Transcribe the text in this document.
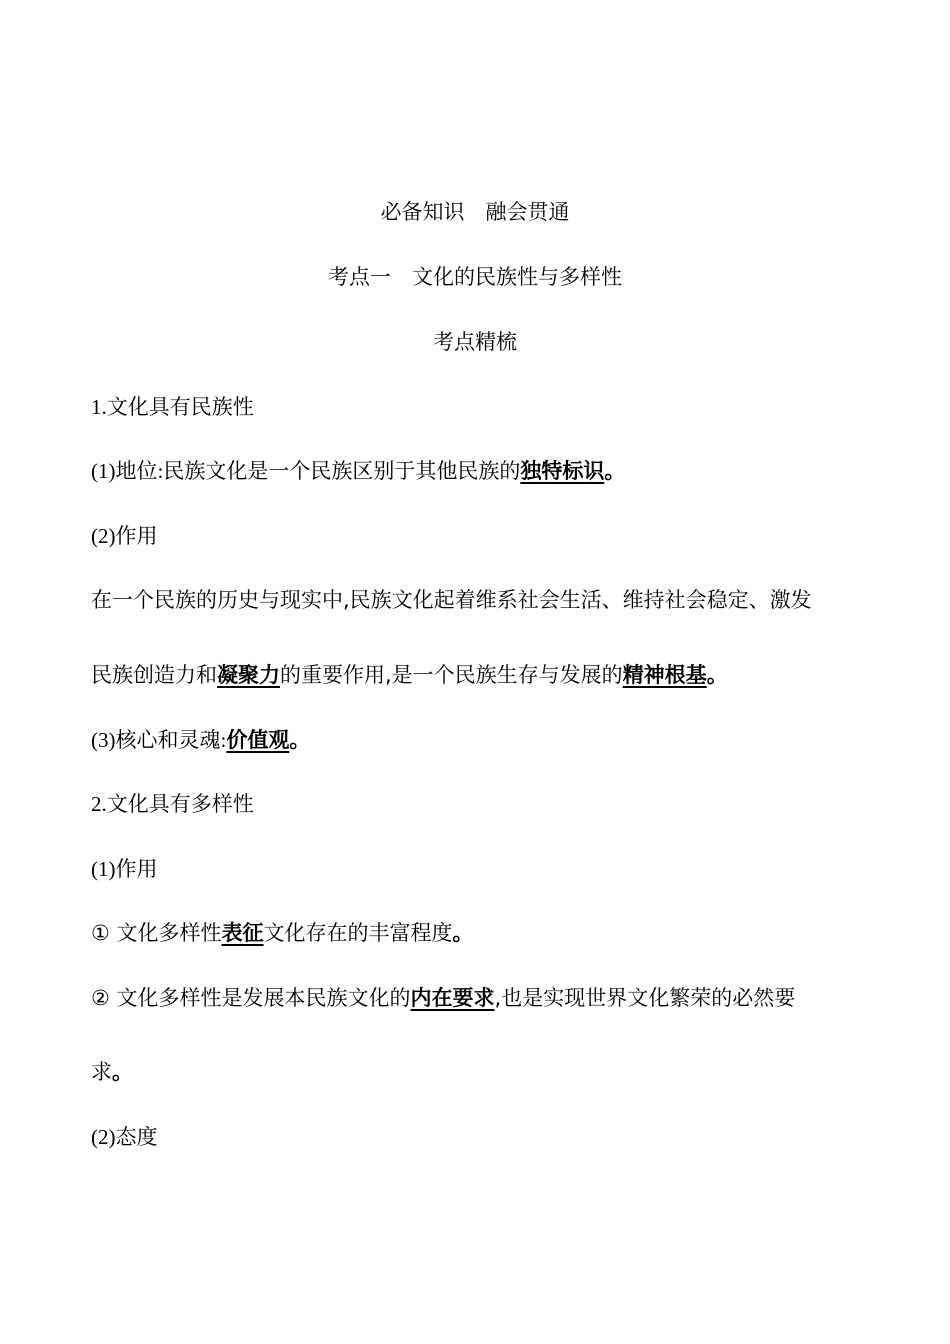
必备知识　融会贯通
考点一　文化的民族性与多样性
考点精梳
1.文化具有民族性
(1)地位:民族文化是一个民族区别于其他民族的独特标识。
(2)作用
在一个民族的历史与现实中,民族文化起着维系社会生活、维持社会稳定、激发
民族创造力和凝聚力的重要作用,是一个民族生存与发展的精神根基。
(3)核心和灵魂:价值观。
2.文化具有多样性
(1)作用
① 文化多样性表征文化存在的丰富程度。
② 文化多样性是发展本民族文化的内在要求,也是实现世界文化繁荣的必然要
求。
(2)态度
